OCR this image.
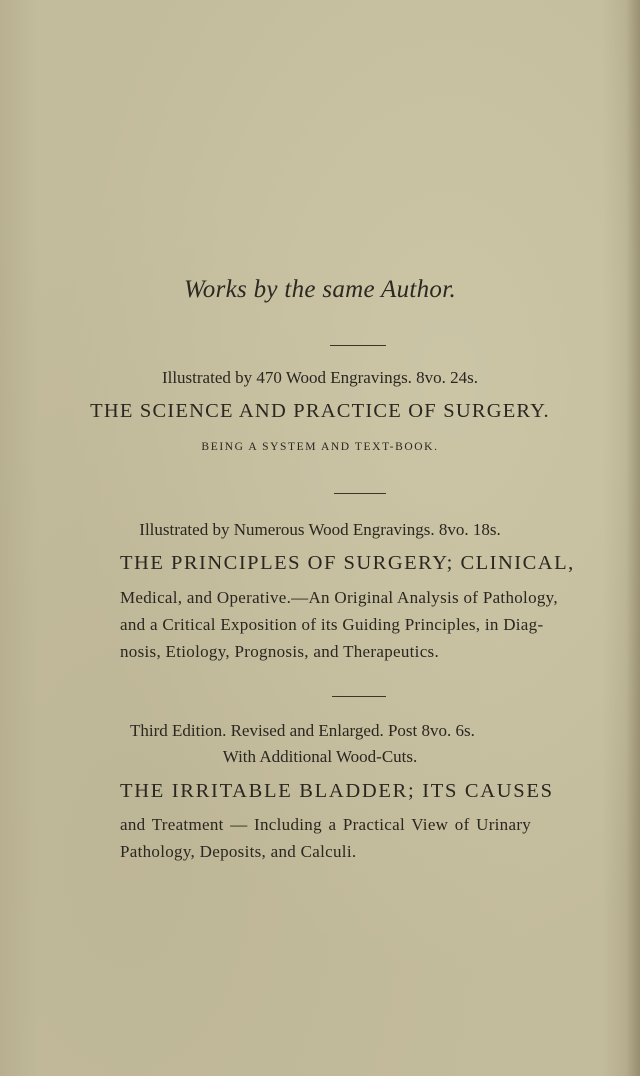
Works by the same Author.
Illustrated by 470 Wood Engravings. 8vo. 24s.
THE SCIENCE AND PRACTICE OF SURGERY.
BEING A SYSTEM AND TEXT-BOOK.
Illustrated by Numerous Wood Engravings. 8vo. 18s.
THE PRINCIPLES OF SURGERY; CLINICAL,
Medical, and Operative.—An Original Analysis of Pathology,
and a Critical Exposition of its Guiding Principles, in Diag-
nosis, Etiology, Prognosis, and Therapeutics.
Third Edition. Revised and Enlarged. Post 8vo. 6s.
With Additional Wood-Cuts.
THE IRRITABLE BLADDER; ITS CAUSES
and Treatment — Including a Practical View of Urinary
Pathology, Deposits, and Calculi.
